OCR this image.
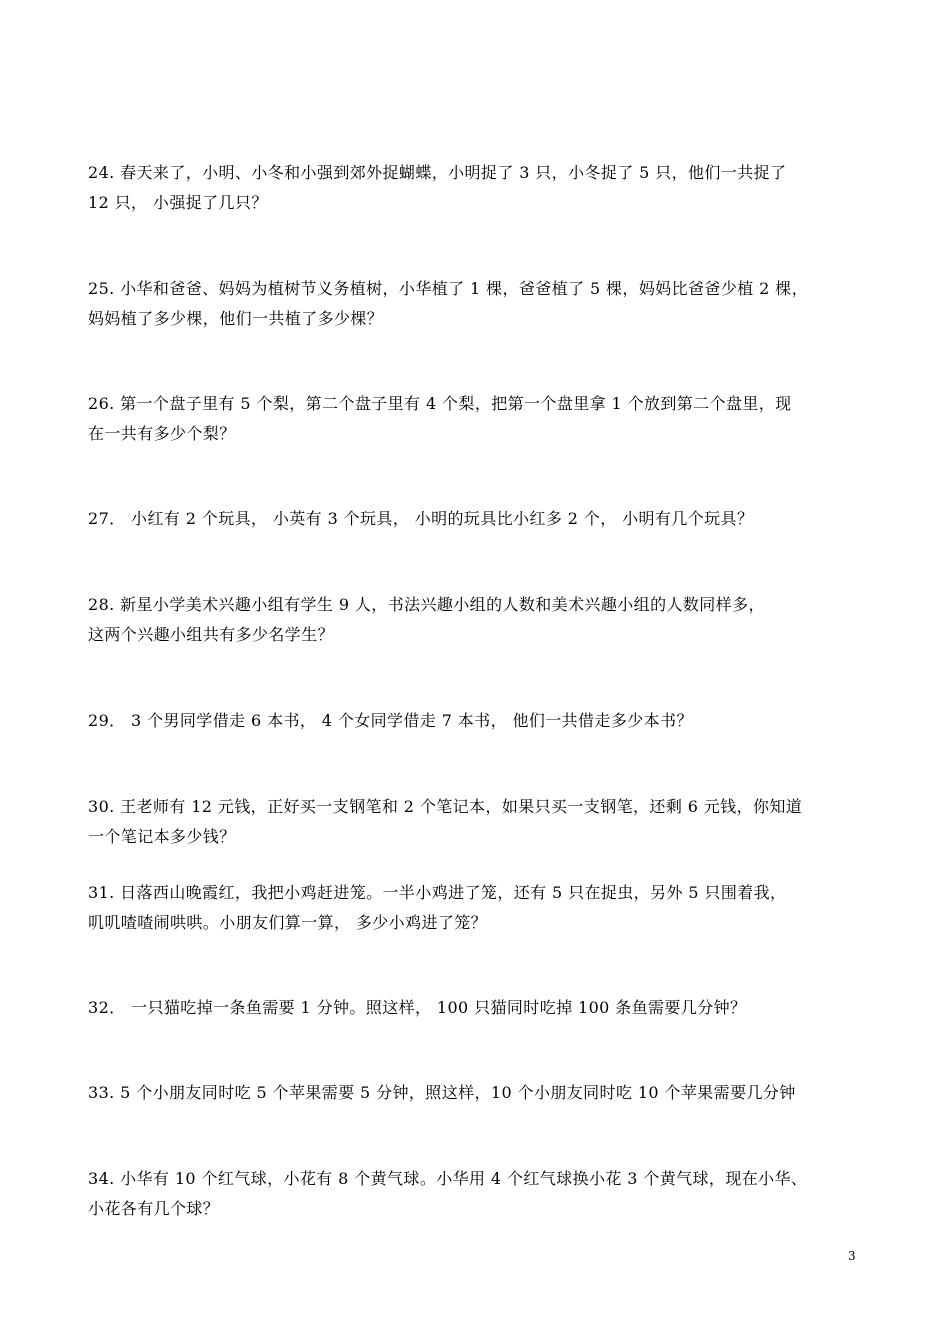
24. 春天来了，小明、小冬和小强到郊外捉蝴蝶，小明捉了 3 只，小冬捉了 5 只，他们一共捉了
12 只， 小强捉了几只？
25. 小华和爸爸、妈妈为植树节义务植树，小华植了 1 棵，爸爸植了 5 棵，妈妈比爸爸少植 2 棵，
妈妈植了多少棵，他们一共植了多少棵？
26. 第一个盘子里有 5 个梨，第二个盘子里有 4 个梨，把第一个盘里拿 1 个放到第二个盘里，现
在一共有多少个梨？
27． 小红有 2 个玩具， 小英有 3 个玩具， 小明的玩具比小红多 2 个， 小明有几个玩具？
28. 新星小学美术兴趣小组有学生 9 人，书法兴趣小组的人数和美术兴趣小组的人数同样多，
这两个兴趣小组共有多少名学生？
29． 3 个男同学借走 6 本书， 4 个女同学借走 7 本书， 他们一共借走多少本书？
30. 王老师有 12 元钱，正好买一支钢笔和 2 个笔记本，如果只买一支钢笔，还剩 6 元钱，你知道
一个笔记本多少钱？
31. 日落西山晚霞红，我把小鸡赶进笼。一半小鸡进了笼，还有 5 只在捉虫，另外 5 只围着我，
叽叽喳喳闹哄哄。小朋友们算一算， 多少小鸡进了笼？
32． 一只猫吃掉一条鱼需要 1 分钟。照这样， 100 只猫同时吃掉 100 条鱼需要几分钟？
33. 5 个小朋友同时吃 5 个苹果需要 5 分钟，照这样，10 个小朋友同时吃 10 个苹果需要几分钟
34. 小华有 10 个红气球，小花有 8 个黄气球。小华用 4 个红气球换小花 3 个黄气球，现在小华、
小花各有几个球？
3
